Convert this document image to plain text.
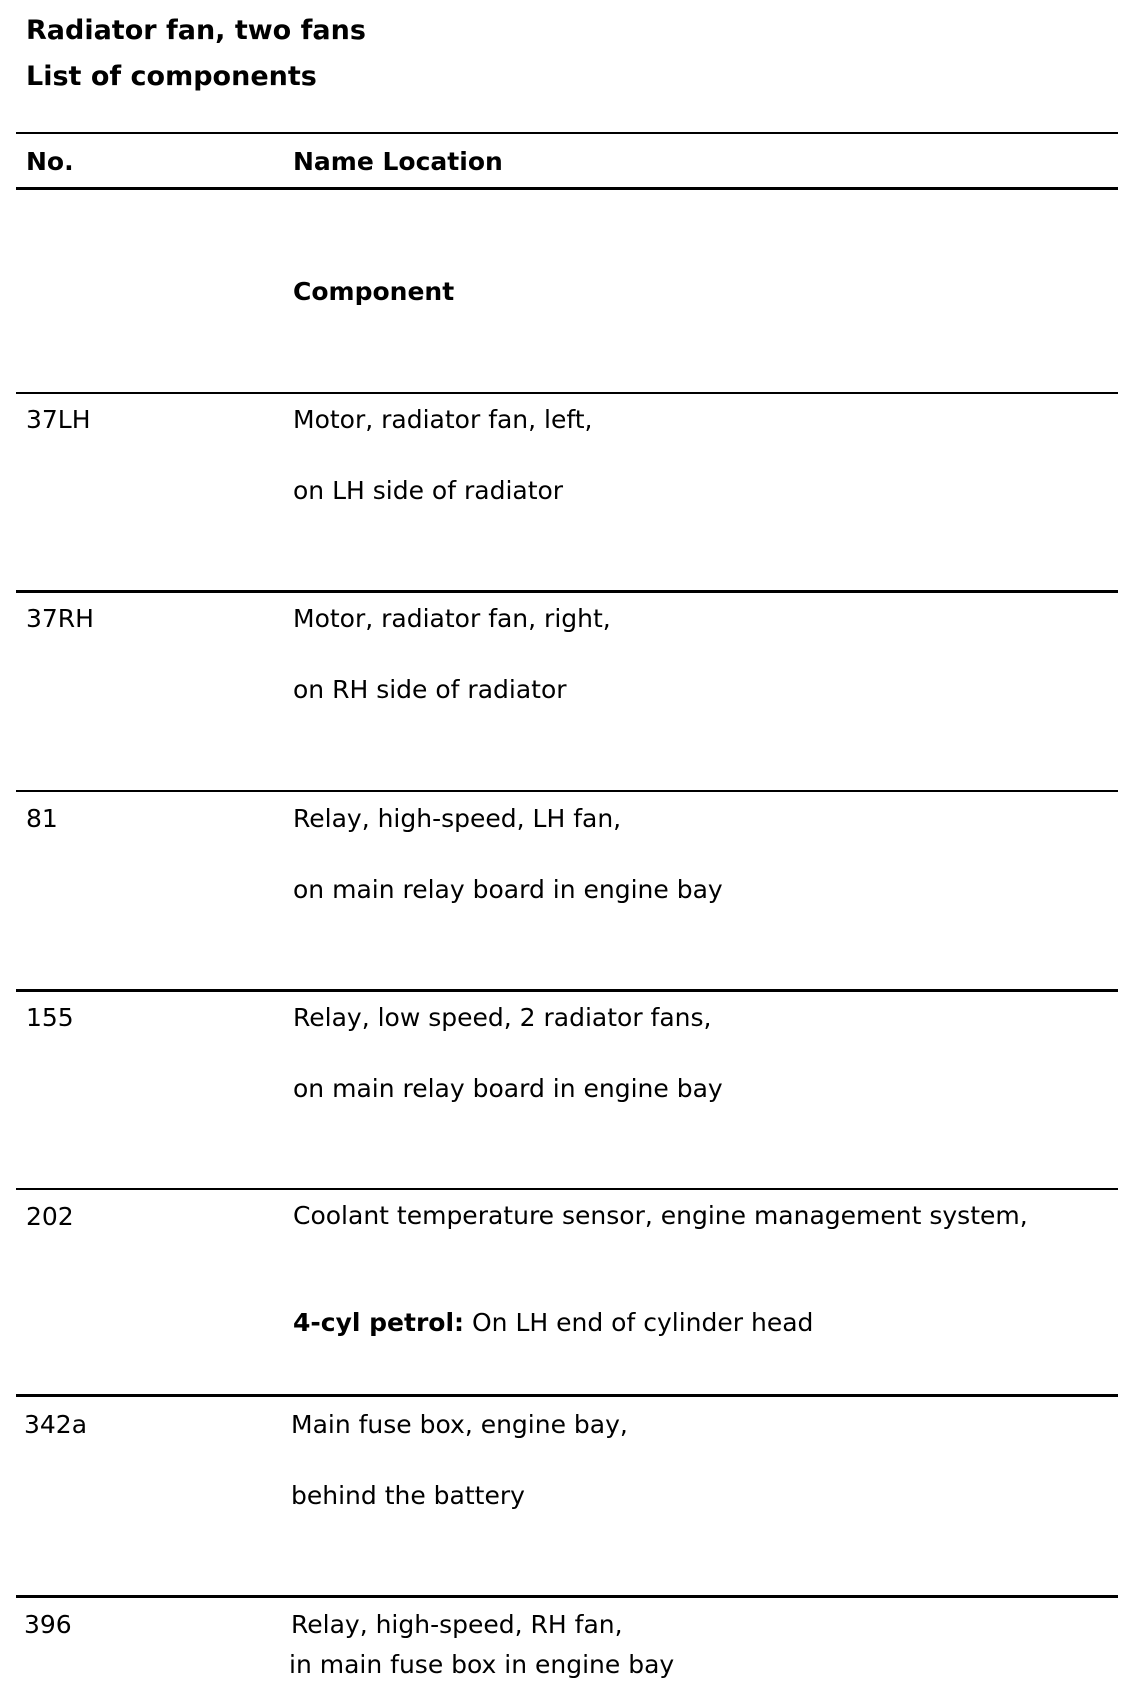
Radiator fan, two fans
List of components
No.	Name Location
Component
37LH	Motor, radiator fan, left,
on LH side of radiator
37RH	Motor, radiator fan, right,
on RH side of radiator
81	Relay, high-speed, LH fan,
on main relay board in engine bay
155	Relay, low speed, 2 radiator fans,
on main relay board in engine bay
202	Coolant temperature sensor, engine management system,
4-cyl petrol: On LH end of cylinder head
342a	Main fuse box, engine bay,
behind the battery
396	Relay, high-speed, RH fan,
in main fuse box in engine bay
